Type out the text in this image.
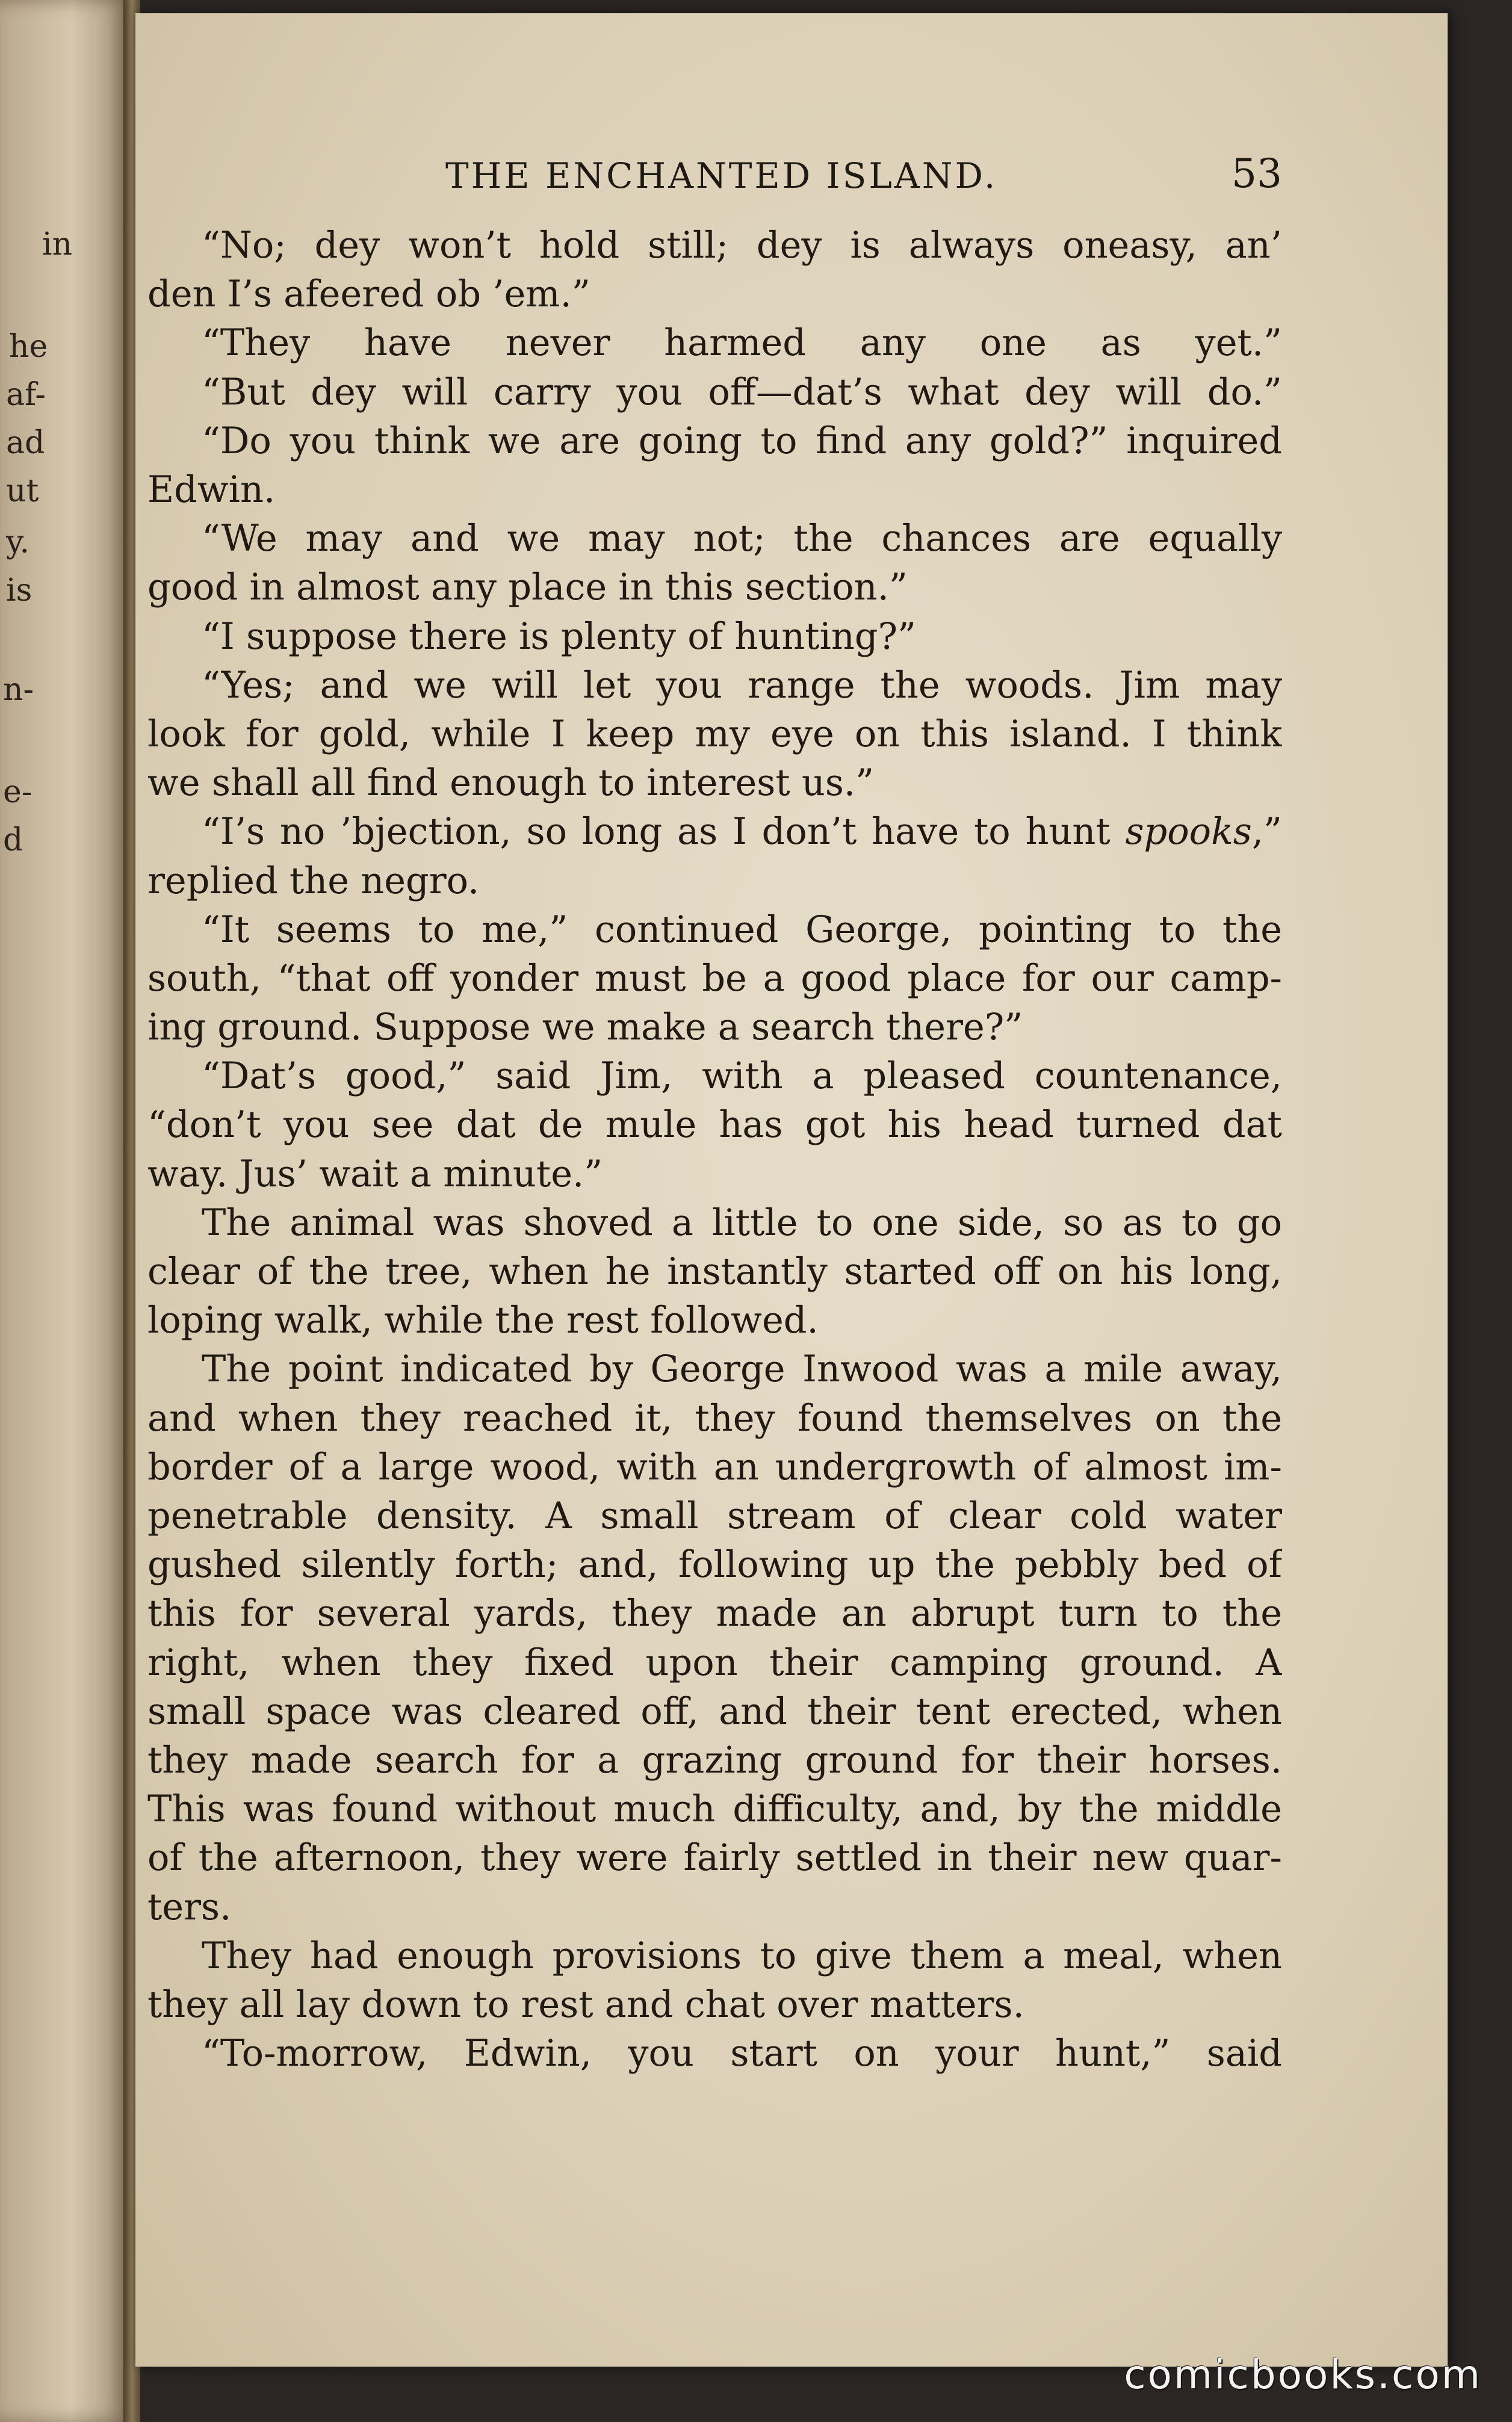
in
he
af-
ad
ut
y.
is
n-
e-
d
THE ENCHANTED ISLAND.	53
“No; dey won’t hold still; dey is always oneasy, an’
den I’s afeered ob ’em.”
“They have never harmed any one as yet.”
“But dey will carry you off—dat’s what dey will do.”
“Do you think we are going to find any gold?” inquired
Edwin.
“We may and we may not; the chances are equally
good in almost any place in this section.”
“I suppose there is plenty of hunting?”
“Yes; and we will let you range the woods. Jim may
look for gold, while I keep my eye on this island. I think
we shall all find enough to interest us.”
“I’s no ’bjection, so long as I don’t have to hunt spooks,”
replied the negro.
“It seems to me,” continued George, pointing to the
south, “that off yonder must be a good place for our camp-
ing ground. Suppose we make a search there?”
“Dat’s good,” said Jim, with a pleased countenance,
“don’t you see dat de mule has got his head turned dat
way. Jus’ wait a minute.”
The animal was shoved a little to one side, so as to go
clear of the tree, when he instantly started off on his long,
loping walk, while the rest followed.
The point indicated by George Inwood was a mile away,
and when they reached it, they found themselves on the
border of a large wood, with an undergrowth of almost im-
penetrable density. A small stream of clear cold water
gushed silently forth; and, following up the pebbly bed of
this for several yards, they made an abrupt turn to the
right, when they fixed upon their camping ground. A
small space was cleared off, and their tent erected, when
they made search for a grazing ground for their horses.
This was found without much difficulty, and, by the middle
of the afternoon, they were fairly settled in their new quar-
ters.
They had enough provisions to give them a meal, when
they all lay down to rest and chat over matters.
“To-morrow, Edwin, you start on your hunt,” said
comicbooks.com
